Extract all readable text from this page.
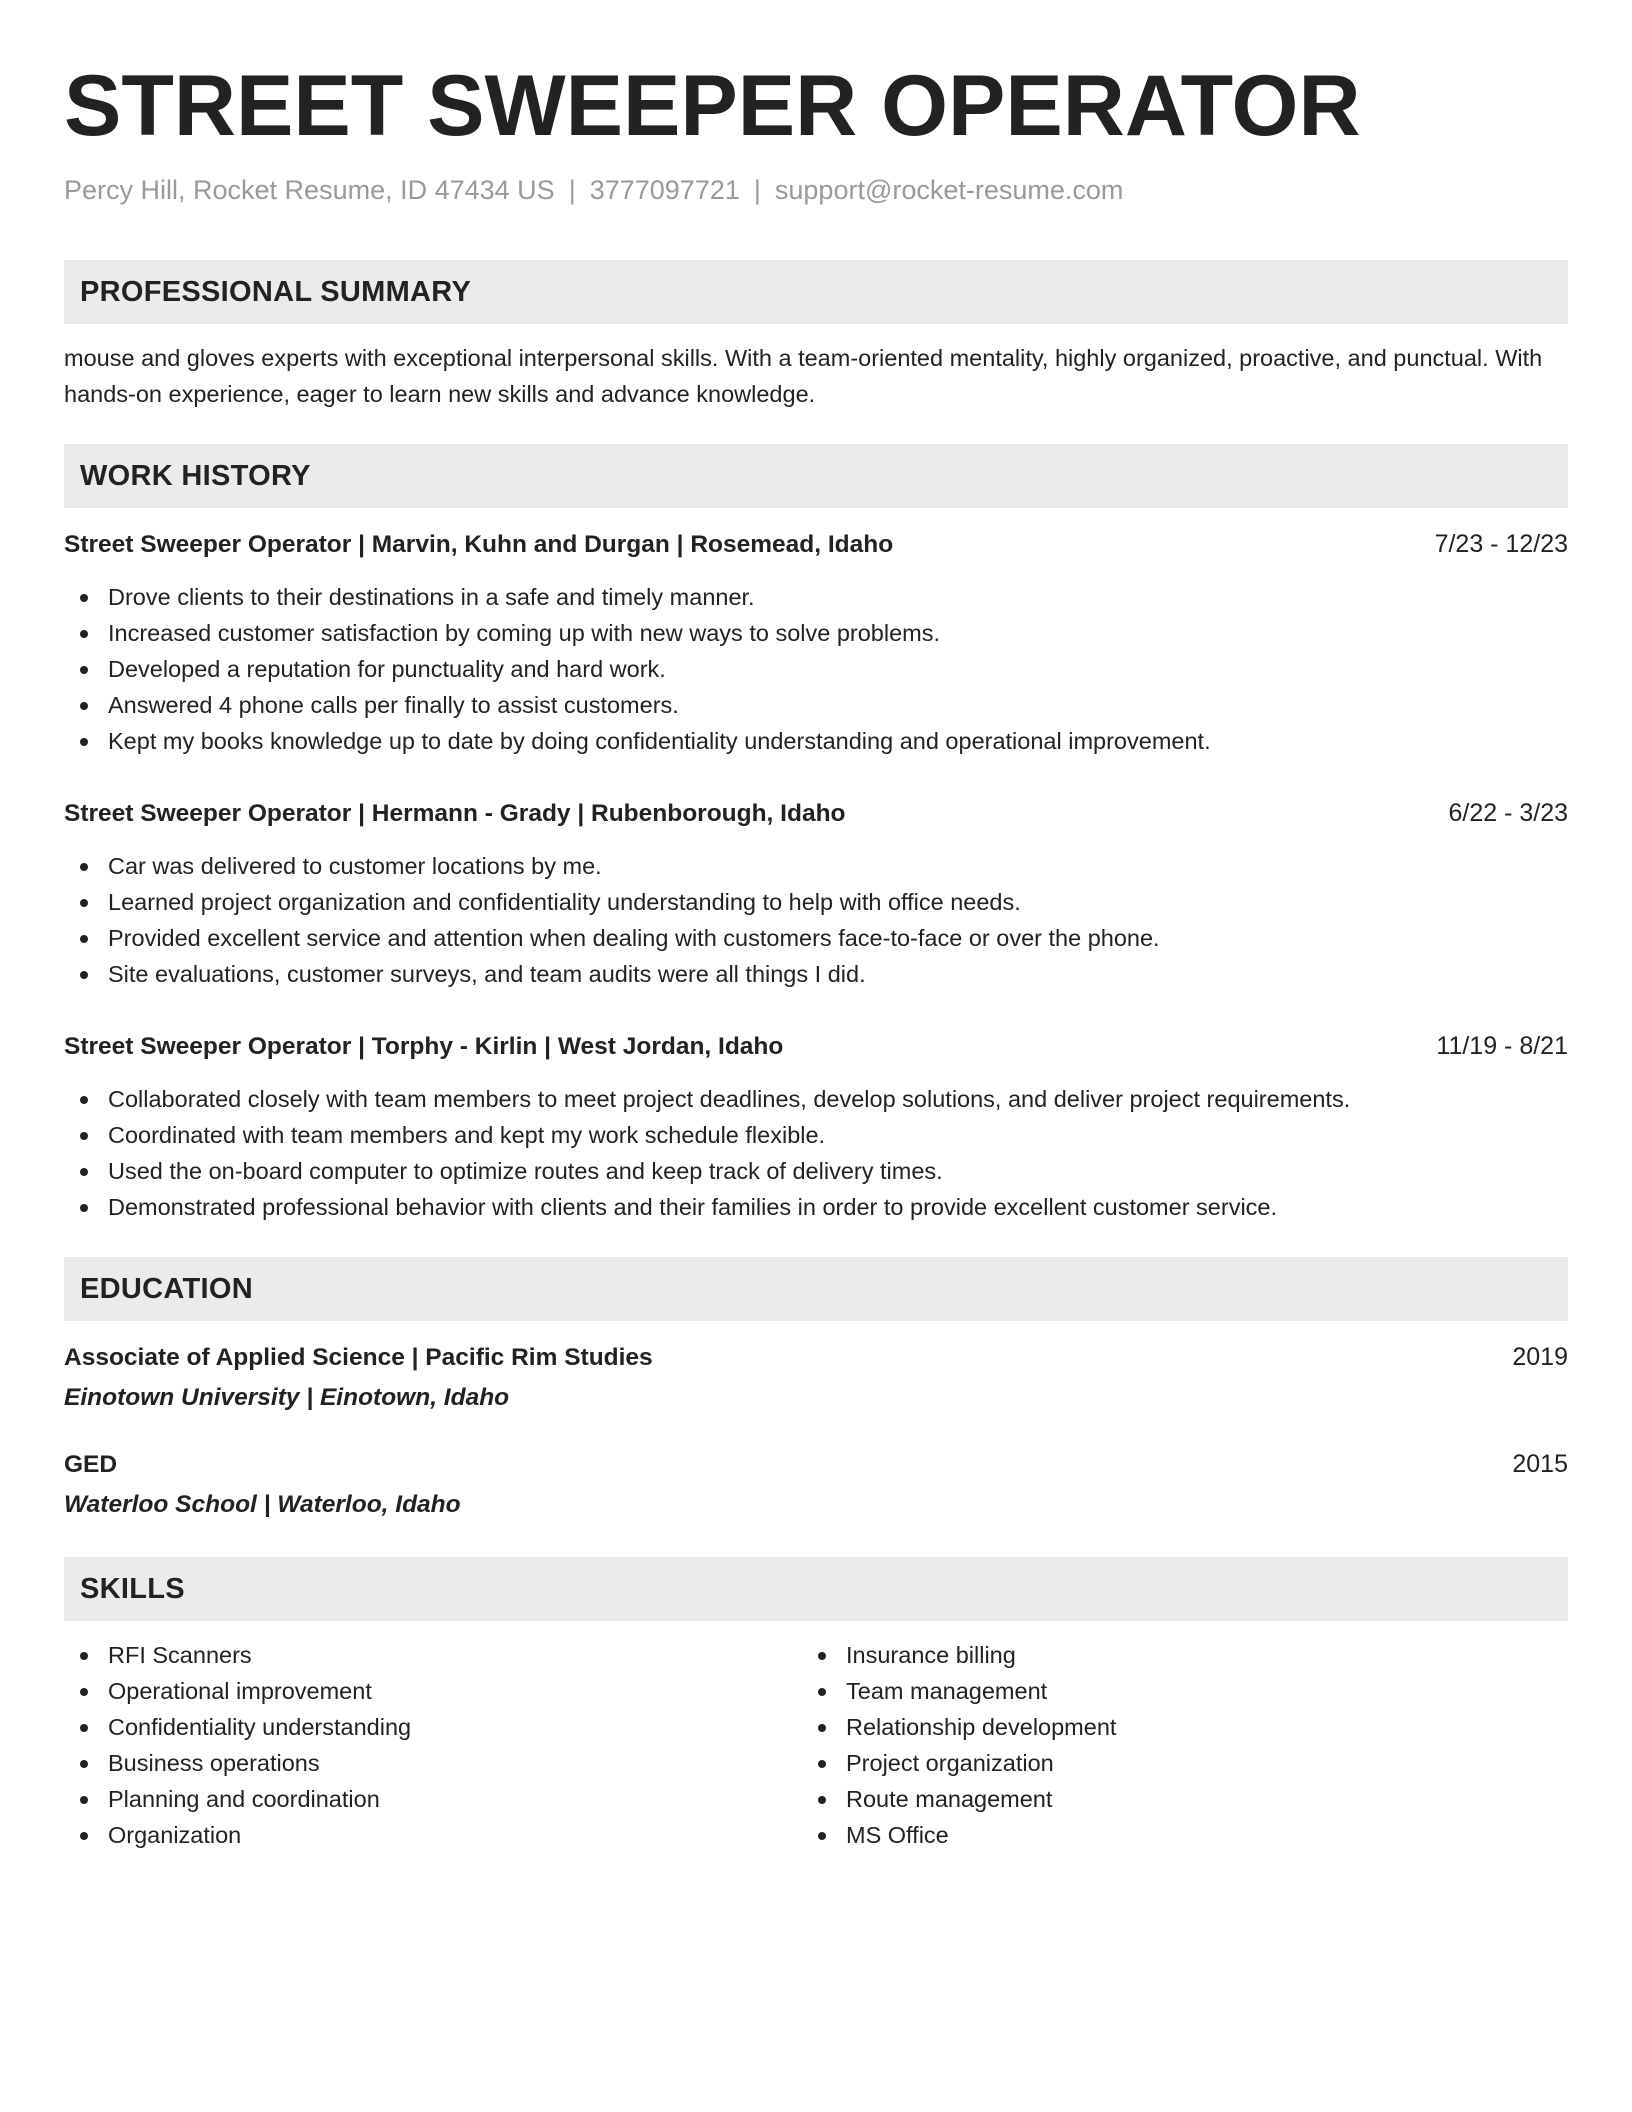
STREET SWEEPER OPERATOR
Percy Hill, Rocket Resume, ID 47434 US | 3777097721 | support@rocket-resume.com
PROFESSIONAL SUMMARY
mouse and gloves experts with exceptional interpersonal skills. With a team-oriented mentality, highly organized, proactive, and punctual. With hands-on experience, eager to learn new skills and advance knowledge.
WORK HISTORY
Street Sweeper Operator | Marvin, Kuhn and Durgan | Rosemead, Idaho	7/23 - 12/23
Drove clients to their destinations in a safe and timely manner.
Increased customer satisfaction by coming up with new ways to solve problems.
Developed a reputation for punctuality and hard work.
Answered 4 phone calls per finally to assist customers.
Kept my books knowledge up to date by doing confidentiality understanding and operational improvement.
Street Sweeper Operator | Hermann - Grady | Rubenborough, Idaho	6/22 - 3/23
Car was delivered to customer locations by me.
Learned project organization and confidentiality understanding to help with office needs.
Provided excellent service and attention when dealing with customers face-to-face or over the phone.
Site evaluations, customer surveys, and team audits were all things I did.
Street Sweeper Operator | Torphy - Kirlin | West Jordan, Idaho	11/19 - 8/21
Collaborated closely with team members to meet project deadlines, develop solutions, and deliver project requirements.
Coordinated with team members and kept my work schedule flexible.
Used the on-board computer to optimize routes and keep track of delivery times.
Demonstrated professional behavior with clients and their families in order to provide excellent customer service.
EDUCATION
Associate of Applied Science | Pacific Rim Studies	2019
Einotown University | Einotown, Idaho
GED	2015
Waterloo School | Waterloo, Idaho
SKILLS
RFI Scanners
Operational improvement
Confidentiality understanding
Business operations
Planning and coordination
Organization
Insurance billing
Team management
Relationship development
Project organization
Route management
MS Office
